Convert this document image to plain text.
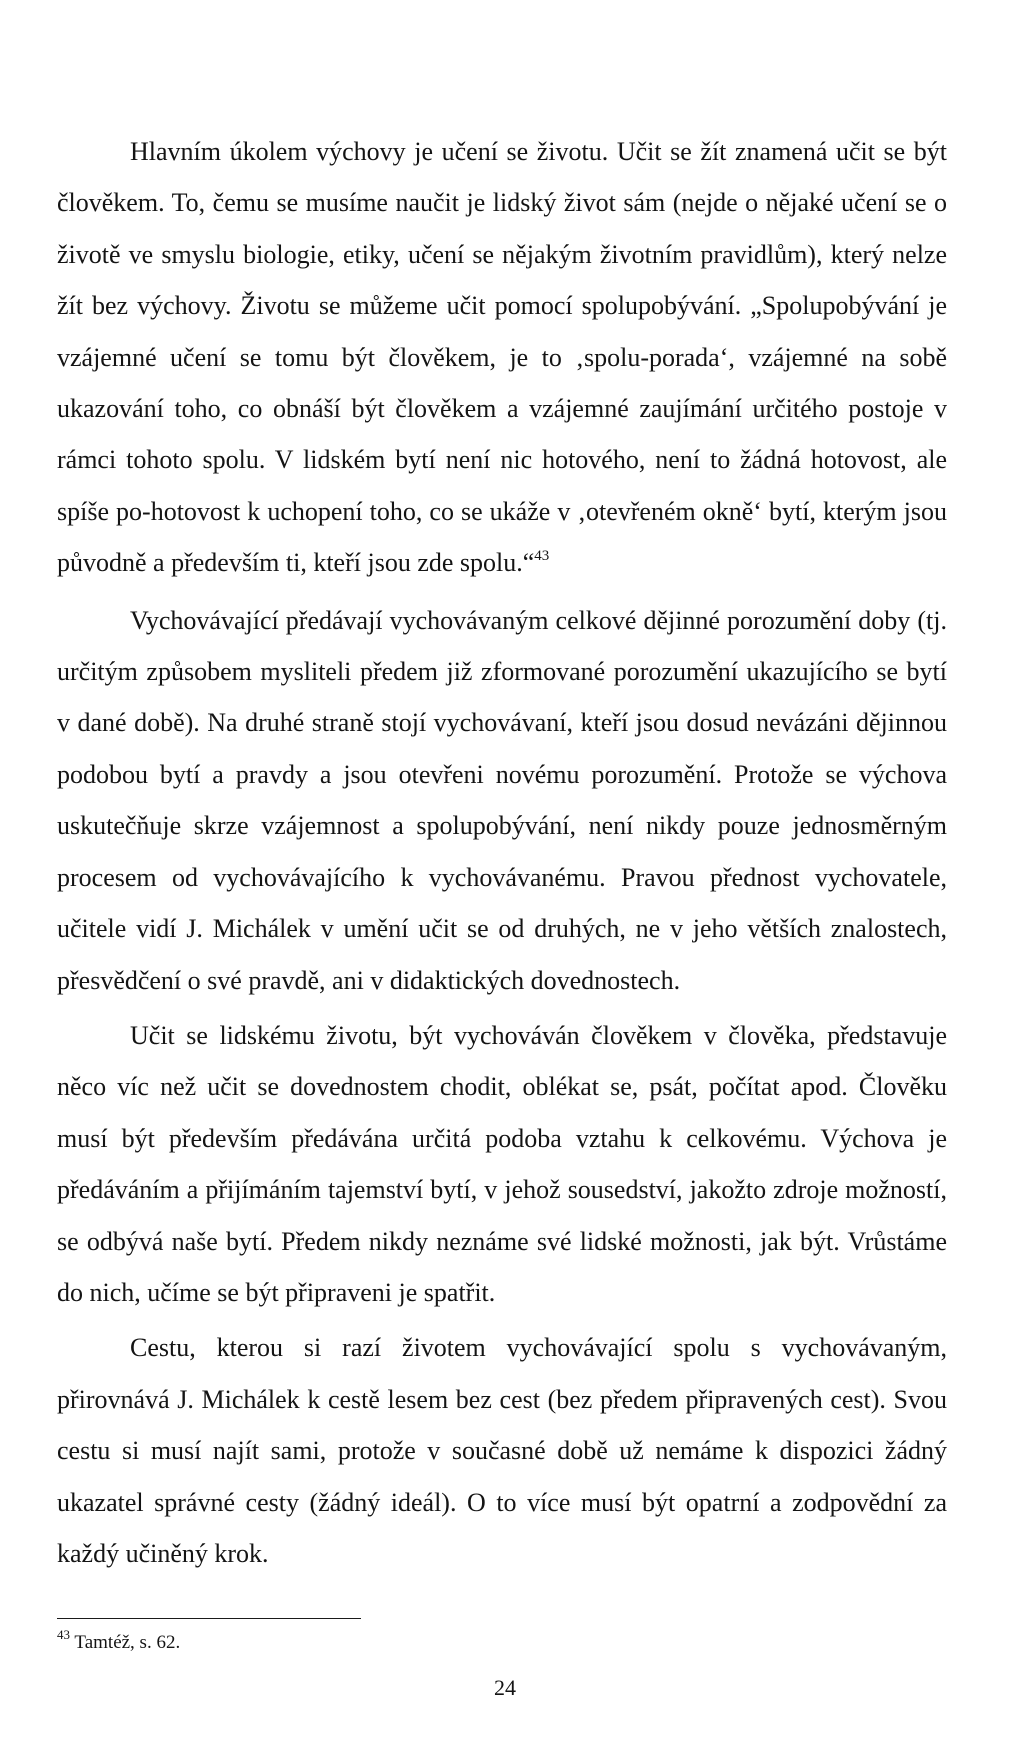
Hlavním úkolem výchovy je učení se životu. Učit se žít znamená učit se být člověkem. To, čemu se musíme naučit je lidský život sám (nejde o nějaké učení se o životě ve smyslu biologie, etiky, učení se nějakým životním pravidlům), který nelze žít bez výchovy. Životu se můžeme učit pomocí spolupobývání. „Spolupobývání je vzájemné učení se tomu být člověkem, je to ‚spolu-porada‘, vzájemné na sobě ukazování toho, co obnáší být člověkem a vzájemné zaujímání určitého postoje v rámci tohoto spolu. V lidském bytí není nic hotového, není to žádná hotovost, ale spíše po-hotovost k uchopení toho, co se ukáže v ‚otevřeném okně‘ bytí, kterým jsou původně a především ti, kteří jsou zde spolu.“$^{43}$

Vychovávající předávají vychovávaným celkové dějinné porozumění doby (tj. určitým způsobem mysliteli předem již zformované porozumění ukazujícího se bytí v dané době). Na druhé straně stojí vychovávaní, kteří jsou dosud nevázáni dějinnou podobou bytí a pravdy a jsou otevřeni novému porozumění. Protože se výchova uskutečňuje skrze vzájemnost a spolupobývání, není nikdy pouze jednosměrným procesem od vychovávajícího k vychovávanému. Pravou přednost vychovatele, učitele vidí J. Michálek v umění učit se od druhých, ne v jeho větších znalostech, přesvědčení o své pravdě, ani v didaktických dovednostech.

Učit se lidskému životu, být vychováván člověkem v člověka, představuje něco víc než učit se dovednostem chodit, oblékat se, psát, počítat apod. Člověku musí být především předávána určitá podoba vztahu k celkovému. Výchova je předáváním a přijímáním tajemství bytí, v jehož sousedství, jakožto zdroje možností, se odbývá naše bytí. Předem nikdy neznáme své lidské možnosti, jak být. Vrůstáme do nich, učíme se být připraveni je spatřit.

Cestu, kterou si razí životem vychovávající spolu s vychovávaným, přirovnává J. Michálek k cestě lesem bez cest (bez předem připravených cest). Svou cestu si musí najít sami, protože v současné době už nemáme k dispozici žádný ukazatel správné cesty (žádný ideál). O to více musí být opatrní a zodpovědní za každý učiněný krok.

$^{43}$ Tamtéž, s. 62.
24
